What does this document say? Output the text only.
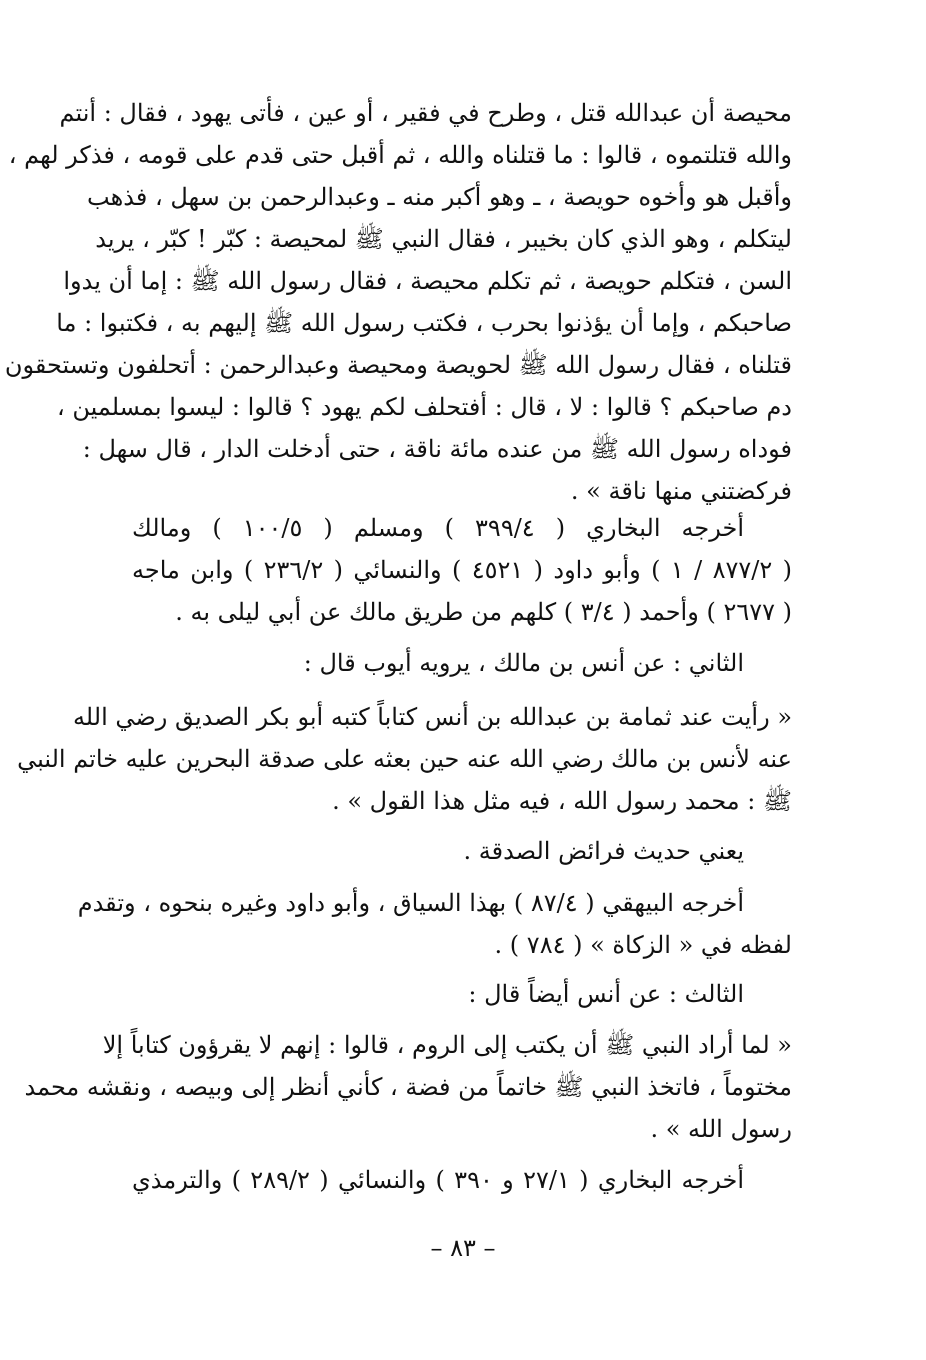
محيصة أن عبدالله قتل ، وطرح في فقير ، أو عين ، فأتى يهود ، فقال : أنتم
والله قتلتموه ، قالوا : ما قتلناه والله ، ثم أقبل حتى قدم على قومه ، فذكر لهم ،
وأقبل هو وأخوه حويصة ، ـ وهو أكبر منه ـ وعبدالرحمن بن سهل ، فذهب
ليتكلم ، وهو الذي كان بخيبر ، فقال النبي ﷺ لمحيصة : كبّر ! كبّر ، يريد
السن ، فتكلم حويصة ، ثم تكلم محيصة ، فقال رسول الله ﷺ : إما أن يدوا
صاحبكم ، وإما أن يؤذنوا بحرب ، فكتب رسول الله ﷺ إليهم به ، فكتبوا : ما
قتلناه ، فقال رسول الله ﷺ لحويصة ومحيصة وعبدالرحمن : أتحلفون وتستحقون
دم صاحبكم ؟ قالوا : لا ، قال : أفتحلف لكم يهود ؟ قالوا : ليسوا بمسلمين ،
فوداه رسول الله ﷺ من عنده مائة ناقة ، حتى أدخلت الدار ، قال سهل :
فركضتني منها ناقة » .
أخرجه البخاري ( ٣٩٩/٤ ) ومسلم ( ١٠٠/٥ ) ومالك
( ٨٧٧/٢ / ١ ) وأبو داود ( ٤٥٢١ ) والنسائي ( ٢٣٦/٢ ) وابن ماجه
( ٢٦٧٧ ) وأحمد ( ٣/٤ ) كلهم من طريق مالك عن أبي ليلى به .
الثاني : عن أنس بن مالك ، يرويه أيوب قال :
« رأيت عند ثمامة بن عبدالله بن أنس كتاباً كتبه أبو بكر الصديق رضي الله
عنه لأنس بن مالك رضي الله عنه حين بعثه على صدقة البحرين عليه خاتم النبي
ﷺ : محمد رسول الله ، فيه مثل هذا القول » .
يعني حديث فرائض الصدقة .
أخرجه البيهقي ( ٨٧/٤ ) بهذا السياق ، وأبو داود وغيره بنحوه ، وتقدم
لفظه في « الزكاة » ( ٧٨٤ ) .
الثالث : عن أنس أيضاً قال :
« لما أراد النبي ﷺ أن يكتب إلى الروم ، قالوا : إنهم لا يقرؤون كتاباً إلا
مختوماً ، فاتخذ النبي ﷺ خاتماً من فضة ، كأني أنظر إلى وبيصه ، ونقشه محمد
رسول الله » .
أخرجه البخاري ( ٢٧/١ و ٣٩٠ ) والنسائي ( ٢٨٩/٢ ) والترمذي
– ٨٣ –
